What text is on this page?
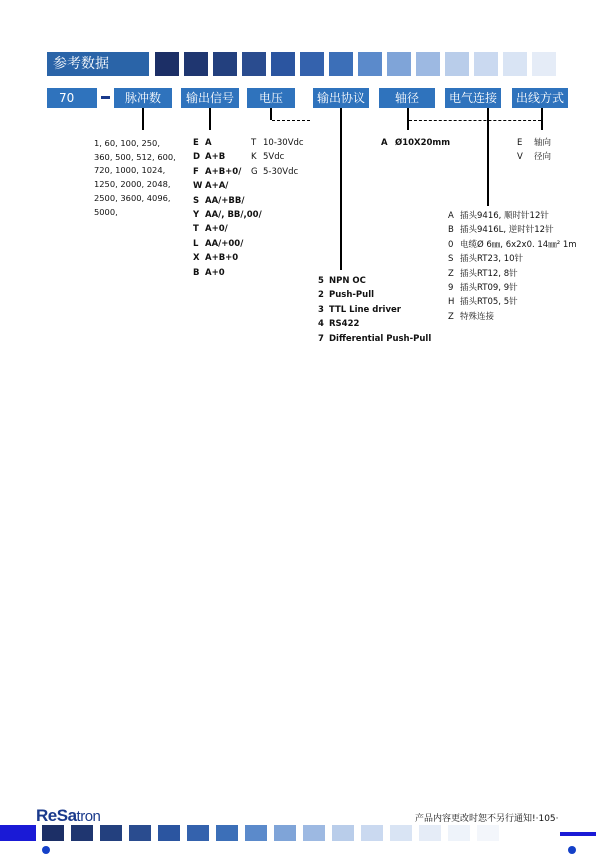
参考数据
70	脉冲数	输出信号	电压	输出协议	轴径	电气连接	出线方式
1, 60, 100, 250, 360, 500, 512, 600, 720, 1000, 1024, 1250, 2000, 2048, 2500, 3600, 4096, 5000,
E A
D A+B
F A+B+0/
W A+A/
S AA/+BB/
Y AA/, BB/,00/
T A+0/
L AA/+00/
X A+B+0
B A+0
T 10-30Vdc
K 5Vdc
G 5-30Vdc
5 NPN OC
2 Push-Pull
3 TTL Line driver
4 RS422
7 Differential Push-Pull
A Ø10X20mm
A 插头9416, 顺时针12针
B 插头9416L, 逆时针12针
0 电缆Ø 6㎜, 6x2x0. 14㎜² 1m
S 插头RT23, 10针
Z 插头RT12, 8针
9 插头RT09, 9针
H 插头RT05, 5针
Z 特殊连接
E 轴向
V 径向
ReSatron	产品内容更改时恕不另行通知!·105·
